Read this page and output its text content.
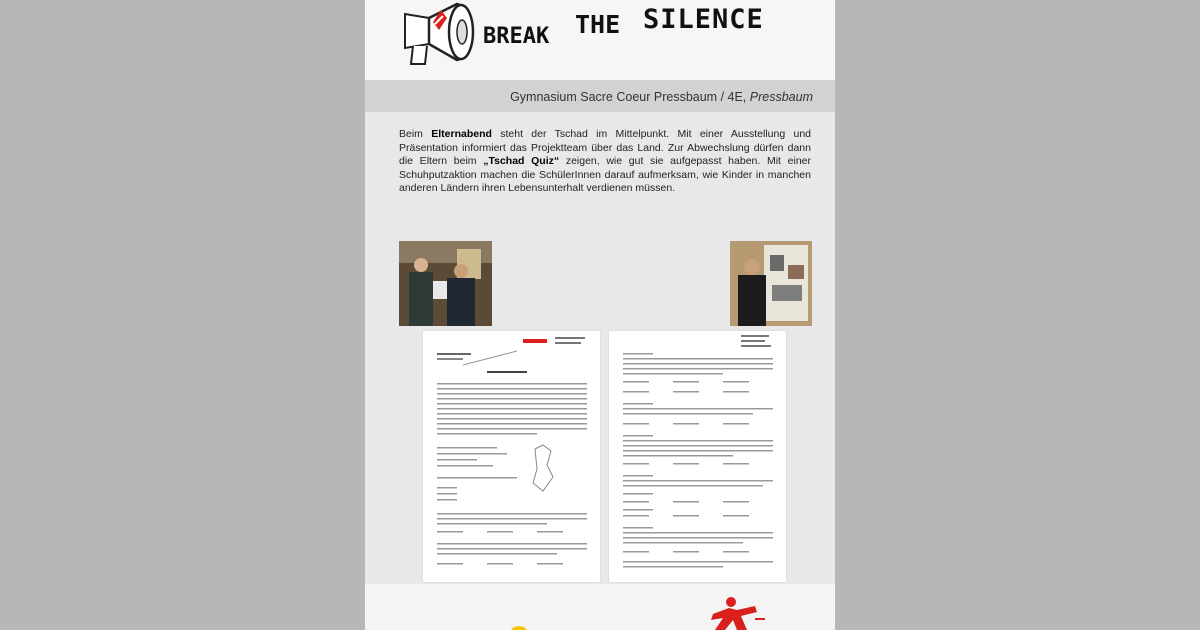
BREAK THE SILENCE
Gymnasium Sacre Coeur Pressbaum / 4E, Pressbaum
Beim Elternabend steht der Tschad im Mittelpunkt. Mit einer Ausstellung und Präsentation informiert das Projektteam über das Land. Zur Abwechslung dürfen dann die Eltern beim „Tschad Quiz“ zeigen, wie gut sie aufgepasst haben. Mit einer Schuhputzaktion machen die SchülerInnen darauf aufmerksam, wie Kinder in manchen anderen Ländern ihren Lebensunterhalt verdienen müssen.
